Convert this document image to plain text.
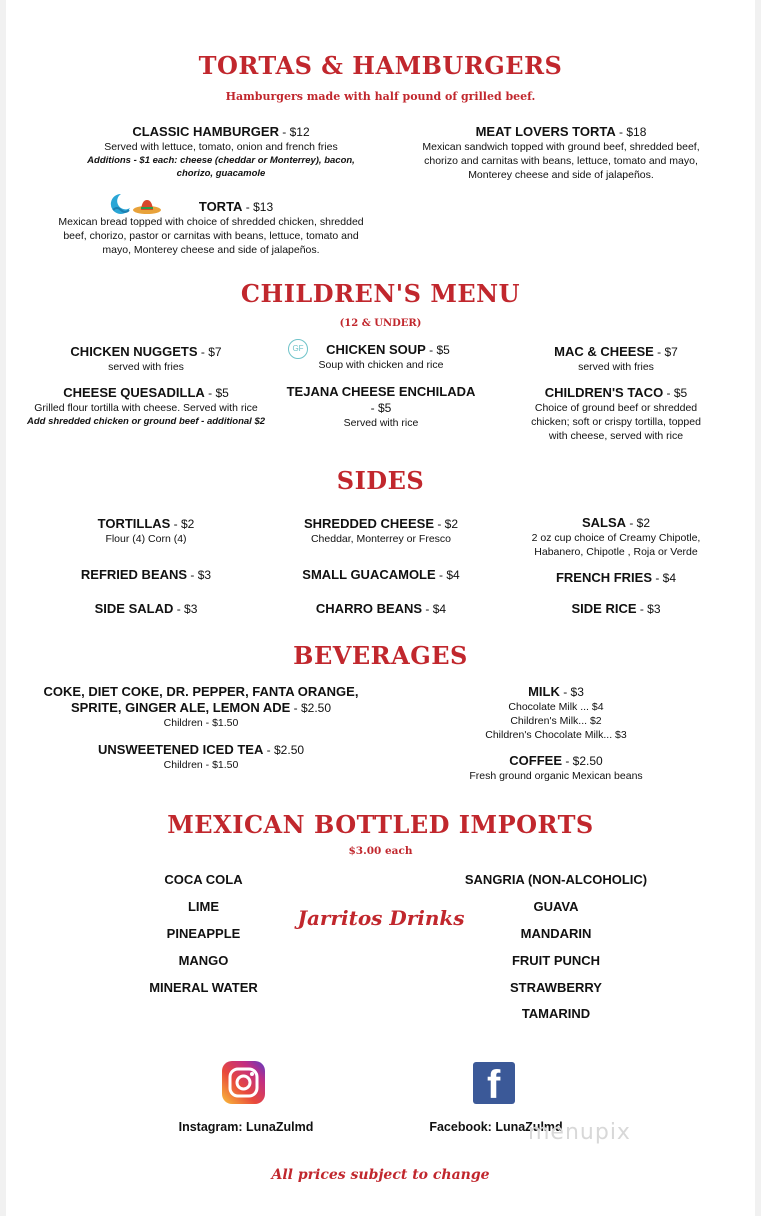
TORTAS & HAMBURGERS
Hamburgers made with half pound of grilled beef.
CLASSIC HAMBURGER - $12
Served with lettuce, tomato, onion and french fries
Additions - $1 each: cheese (cheddar or Monterrey), bacon,
chorizo, guacamole
MEAT LOVERS TORTA - $18
Mexican sandwich topped with ground beef, shredded beef,
chorizo and carnitas with beans, lettuce, tomato and mayo,
Monterey cheese and side of jalapeños.
TORTA - $13
Mexican bread topped with choice of shredded chicken, shredded
beef, chorizo, pastor or carnitas with beans, lettuce, tomato and
mayo, Monterey cheese and side of jalapeños.
CHILDREN'S MENU
(12 & UNDER)
CHICKEN NUGGETS - $7
served with fries
GF	CHICKEN SOUP - $5
Soup with chicken and rice
MAC & CHEESE - $7
served with fries
CHEESE QUESADILLA - $5
Grilled flour tortilla with cheese. Served with rice
Add shredded chicken or ground beef - additional $2
TEJANA CHEESE ENCHILADA
- $5
Served with rice
CHILDREN'S TACO - $5
Choice of ground beef or shredded
chicken; soft or crispy tortilla, topped
with cheese, served with rice
SIDES
TORTILLAS - $2
Flour (4) Corn (4)
SHREDDED CHEESE - $2
Cheddar, Monterrey or Fresco
SALSA - $2
2 oz cup choice of Creamy Chipotle,
Habanero, Chipotle , Roja or Verde
REFRIED BEANS - $3	SMALL GUACAMOLE - $4	FRENCH FRIES - $4
SIDE SALAD - $3	CHARRO BEANS - $4	SIDE RICE - $3
BEVERAGES
COKE, DIET COKE, DR. PEPPER, FANTA ORANGE,
SPRITE, GINGER ALE, LEMON ADE - $2.50
Children - $1.50
UNSWEETENED ICED TEA - $2.50
Children - $1.50
MILK - $3
Chocolate Milk ... $4
Children's Milk... $2
Children's Chocolate Milk... $3
COFFEE - $2.50
Fresh ground organic Mexican beans
MEXICAN BOTTLED IMPORTS
$3.00 each
COCA COLA
LIME
PINEAPPLE
MANGO
MINERAL WATER
Jarritos Drinks
SANGRIA (NON-ALCOHOLIC)
GUAVA
MANDARIN
FRUIT PUNCH
STRAWBERRY
TAMARIND
Instagram: LunaZulmd
f
Facebook: LunaZulmd
menupix
All prices subject to change
